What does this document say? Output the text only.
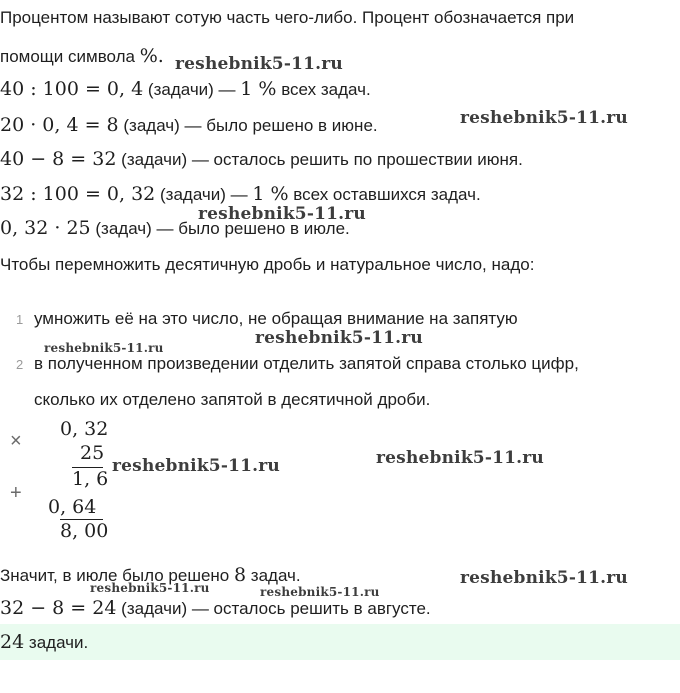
Процентом называют сотую часть чего-либо. Процент обозначается при
помощи символа %.
40 : 100 = 0, 4 (задачи) — 1 % всех задач.
20 · 0, 4 = 8 (задач) — было решено в июне.
40 − 8 = 32 (задачи) — осталось решить по прошествии июня.
32 : 100 = 0, 32 (задачи) — 1 % всех оставшихся задач.
0, 32 · 25 (задач) — было решено в июле.
Чтобы перемножить десятичную дробь и натуральное число, надо:
1 умножить её на это число, не обращая внимание на запятую
2 в полученном произведении отделить запятой справа столько цифр,
сколько их отделено запятой в десятичной дроби.
×
0, 32
25
1, 6
+
0, 64
8, 00
Значит, в июле было решено 8 задач.
32 − 8 = 24 (задачи) — осталось решить в августе.
24 задачи.
reshebnik5-11.ru
reshebnik5-11.ru
reshebnik5-11.ru
reshebnik5-11.ru
reshebnik5-11.ru
reshebnik5-11.ru	reshebnik5-11.ru
reshebnik5-11.ru
reshebnik5-11.ru	reshebnik5-11.ru
